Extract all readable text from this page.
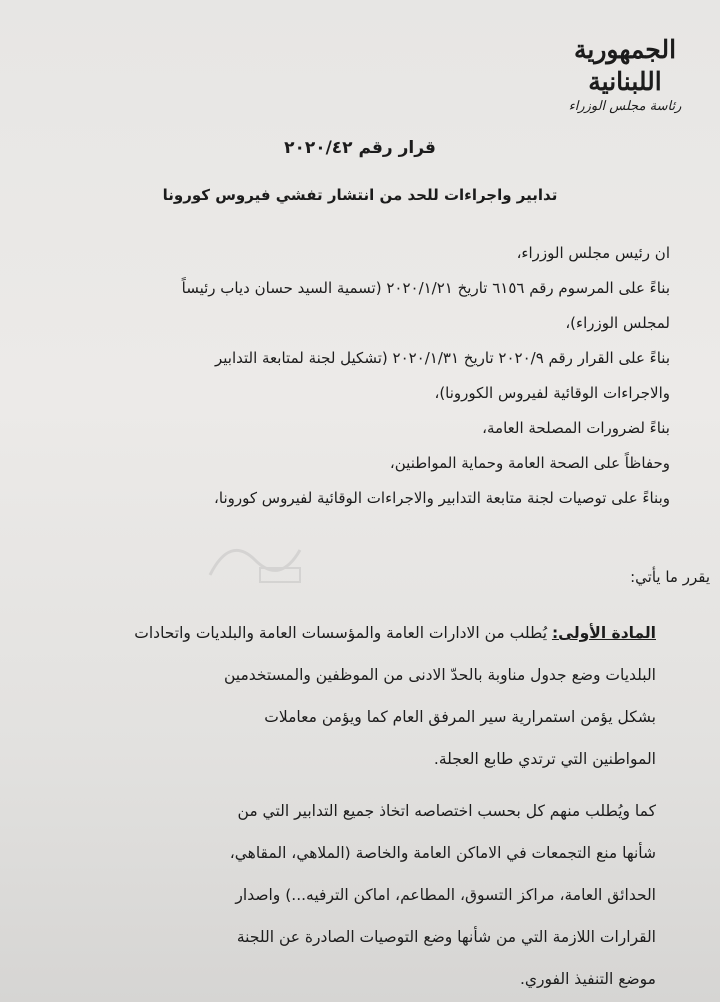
الجمهورية اللبنانية
رئاسة مجلس الوزراء
قرار رقم ٢٠٢٠/٤٢
تدابير واجراءات للحد من انتشار تفشي فيروس كورونا

ان رئيس مجلس الوزراء،

بناءً على المرسوم رقم ٦١٥٦ تاريخ ٢٠٢٠/١/٢١ (تسمية السيد حسان دياب رئيساً

لمجلس الوزراء)،

بناءً على القرار رقم ٢٠٢٠/٩ تاريخ ٢٠٢٠/١/٣١ (تشكيل لجنة لمتابعة التدابير

والاجراءات الوقائية لفيروس الكورونا)،

بناءً لضرورات المصلحة العامة،

وحفاظاً على الصحة العامة وحماية المواطنين،

وبناءً على توصيات لجنة متابعة التدابير والاجراءات الوقائية لفيروس كورونا،

يقرر ما يأتي:

المادة الأولى: يُطلب من الادارات العامة والمؤسسات العامة والبلديات واتحادات

البلديات وضع جدول مناوبة بالحدّ الادنى من الموظفين والمستخدمين

بشكل يؤمن استمرارية سير المرفق العام كما ويؤمن معاملات

المواطنين التي ترتدي طابع العجلة.

كما ويُطلب منهم كل بحسب اختصاصه اتخاذ جميع التدابير التي من

شأنها منع التجمعات في الاماكن العامة والخاصة (الملاهي، المقاهي،

الحدائق العامة، مراكز التسوق، المطاعم، اماكن الترفيه...) واصدار

القرارات اللازمة التي من شأنها وضع التوصيات الصادرة عن اللجنة

موضع التنفيذ الفوري.
